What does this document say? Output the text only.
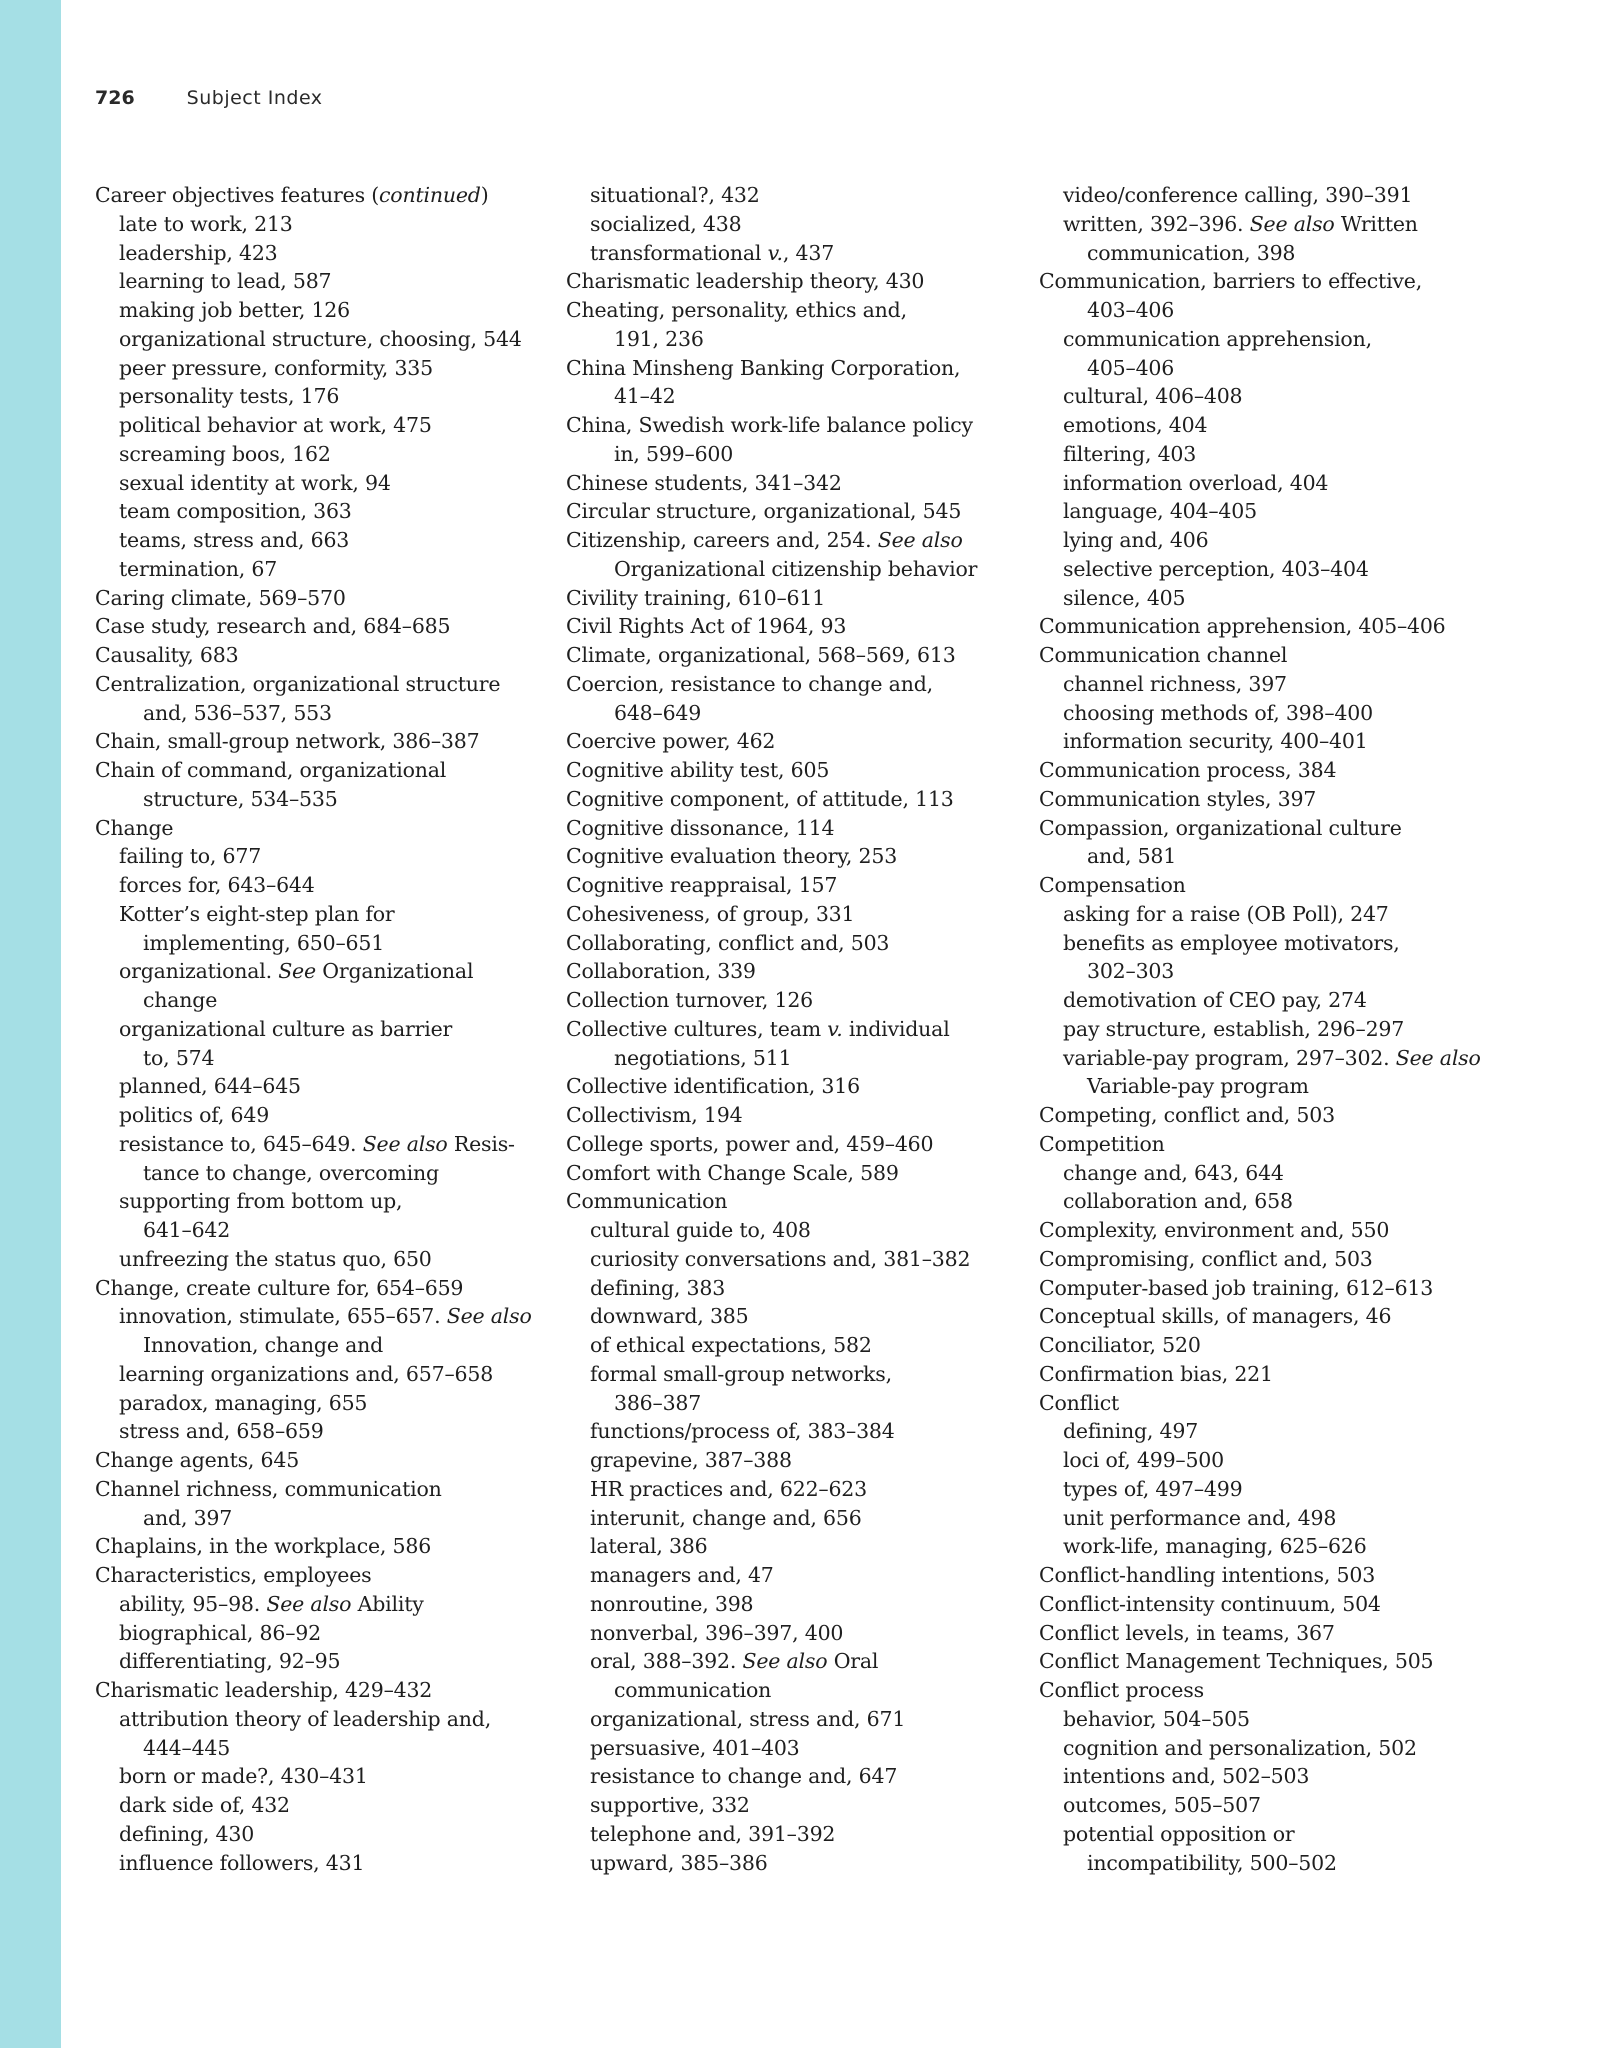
726	Subject Index
Career objectives features (continued)
late to work, 213
leadership, 423
learning to lead, 587
making job better, 126
organizational structure, choosing, 544
peer pressure, conformity, 335
personality tests, 176
political behavior at work, 475
screaming boos, 162
sexual identity at work, 94
team composition, 363
teams, stress and, 663
termination, 67
Caring climate, 569–570
Case study, research and, 684–685
Causality, 683
Centralization, organizational structure
and, 536–537, 553
Chain, small-group network, 386–387
Chain of command, organizational
structure, 534–535
Change
failing to, 677
forces for, 643–644
Kotter’s eight-step plan for
implementing, 650–651
organizational. See Organizational
change
organizational culture as barrier
to, 574
planned, 644–645
politics of, 649
resistance to, 645–649. See also Resis-
tance to change, overcoming
supporting from bottom up,
641–642
unfreezing the status quo, 650
Change, create culture for, 654–659
innovation, stimulate, 655–657. See also
Innovation, change and
learning organizations and, 657–658
paradox, managing, 655
stress and, 658–659
Change agents, 645
Channel richness, communication
and, 397
Chaplains, in the workplace, 586
Characteristics, employees
ability, 95–98. See also Ability
biographical, 86–92
differentiating, 92–95
Charismatic leadership, 429–432
attribution theory of leadership and,
444–445
born or made?, 430–431
dark side of, 432
defining, 430
influence followers, 431
situational?, 432
socialized, 438
transformational v., 437
Charismatic leadership theory, 430
Cheating, personality, ethics and,
191, 236
China Minsheng Banking Corporation,
41–42
China, Swedish work-life balance policy
in, 599–600
Chinese students, 341–342
Circular structure, organizational, 545
Citizenship, careers and, 254. See also
Organizational citizenship behavior
Civility training, 610–611
Civil Rights Act of 1964, 93
Climate, organizational, 568–569, 613
Coercion, resistance to change and,
648–649
Coercive power, 462
Cognitive ability test, 605
Cognitive component, of attitude, 113
Cognitive dissonance, 114
Cognitive evaluation theory, 253
Cognitive reappraisal, 157
Cohesiveness, of group, 331
Collaborating, conflict and, 503
Collaboration, 339
Collection turnover, 126
Collective cultures, team v. individual
negotiations, 511
Collective identification, 316
Collectivism, 194
College sports, power and, 459–460
Comfort with Change Scale, 589
Communication
cultural guide to, 408
curiosity conversations and, 381–382
defining, 383
downward, 385
of ethical expectations, 582
formal small-group networks,
386–387
functions/process of, 383–384
grapevine, 387–388
HR practices and, 622–623
interunit, change and, 656
lateral, 386
managers and, 47
nonroutine, 398
nonverbal, 396–397, 400
oral, 388–392. See also Oral
communication
organizational, stress and, 671
persuasive, 401–403
resistance to change and, 647
supportive, 332
telephone and, 391–392
upward, 385–386
video/conference calling, 390–391
written, 392–396. See also Written
communication, 398
Communication, barriers to effective,
403–406
communication apprehension,
405–406
cultural, 406–408
emotions, 404
filtering, 403
information overload, 404
language, 404–405
lying and, 406
selective perception, 403–404
silence, 405
Communication apprehension, 405–406
Communication channel
channel richness, 397
choosing methods of, 398–400
information security, 400–401
Communication process, 384
Communication styles, 397
Compassion, organizational culture
and, 581
Compensation
asking for a raise (OB Poll), 247
benefits as employee motivators,
302–303
demotivation of CEO pay, 274
pay structure, establish, 296–297
variable-pay program, 297–302. See also
Variable-pay program
Competing, conflict and, 503
Competition
change and, 643, 644
collaboration and, 658
Complexity, environment and, 550
Compromising, conflict and, 503
Computer-based job training, 612–613
Conceptual skills, of managers, 46
Conciliator, 520
Confirmation bias, 221
Conflict
defining, 497
loci of, 499–500
types of, 497–499
unit performance and, 498
work-life, managing, 625–626
Conflict-handling intentions, 503
Conflict-intensity continuum, 504
Conflict levels, in teams, 367
Conflict Management Techniques, 505
Conflict process
behavior, 504–505
cognition and personalization, 502
intentions and, 502–503
outcomes, 505–507
potential opposition or
incompatibility, 500–502
